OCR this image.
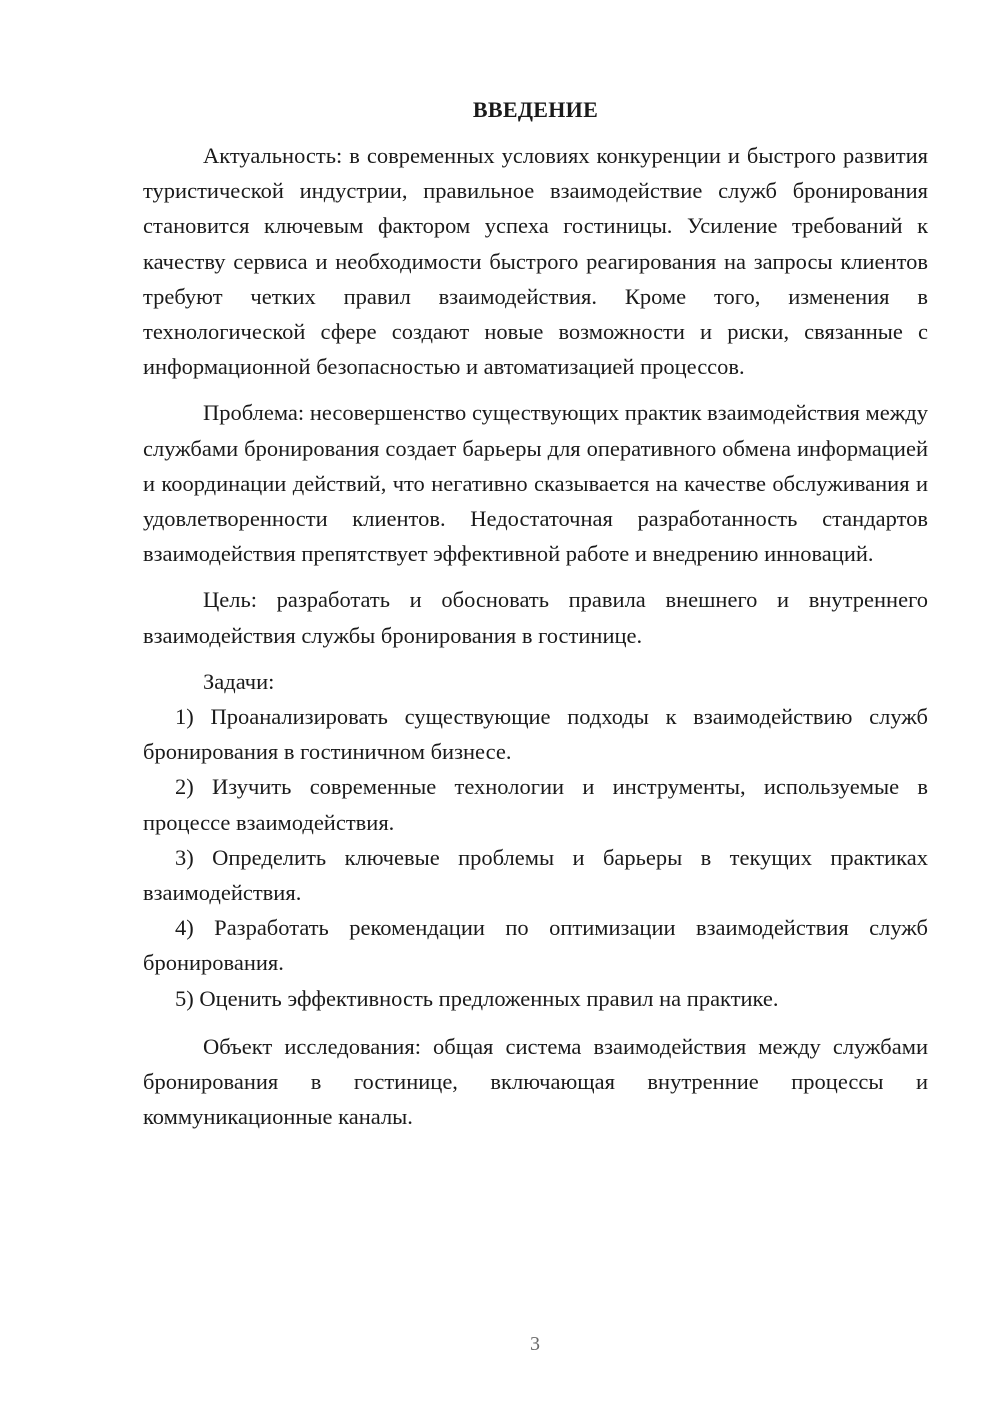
ВВЕДЕНИЕ

Актуальность: в современных условиях конкуренции и быстрого развития туристической индустрии, правильное взаимодействие служб бронирования становится ключевым фактором успеха гостиницы. Усиление требований к качеству сервиса и необходимости быстрого реагирования на запросы клиентов требуют четких правил взаимодействия. Кроме того, изменения в технологической сфере создают новые возможности и риски, связанные с информационной безопасностью и автоматизацией процессов.

Проблема: несовершенство существующих практик взаимодействия между службами бронирования создает барьеры для оперативного обмена информацией и координации действий, что негативно сказывается на качестве обслуживания и удовлетворенности клиентов. Недостаточная разработанность стандартов взаимодействия препятствует эффективной работе и внедрению инноваций.

Цель: разработать и обосновать правила внешнего и внутреннего взаимодействия службы бронирования в гостинице.

Задачи:

1) Проанализировать существующие подходы к взаимодействию служб бронирования в гостиничном бизнесе.

2) Изучить современные технологии и инструменты, используемые в процессе взаимодействия.

3) Определить ключевые проблемы и барьеры в текущих практиках взаимодействия.

4) Разработать рекомендации по оптимизации взаимодействия служб бронирования.

5) Оценить эффективность предложенных правил на практике.

Объект исследования: общая система взаимодействия между службами бронирования в гостинице, включающая внутренние процессы и коммуникационные каналы.

3
